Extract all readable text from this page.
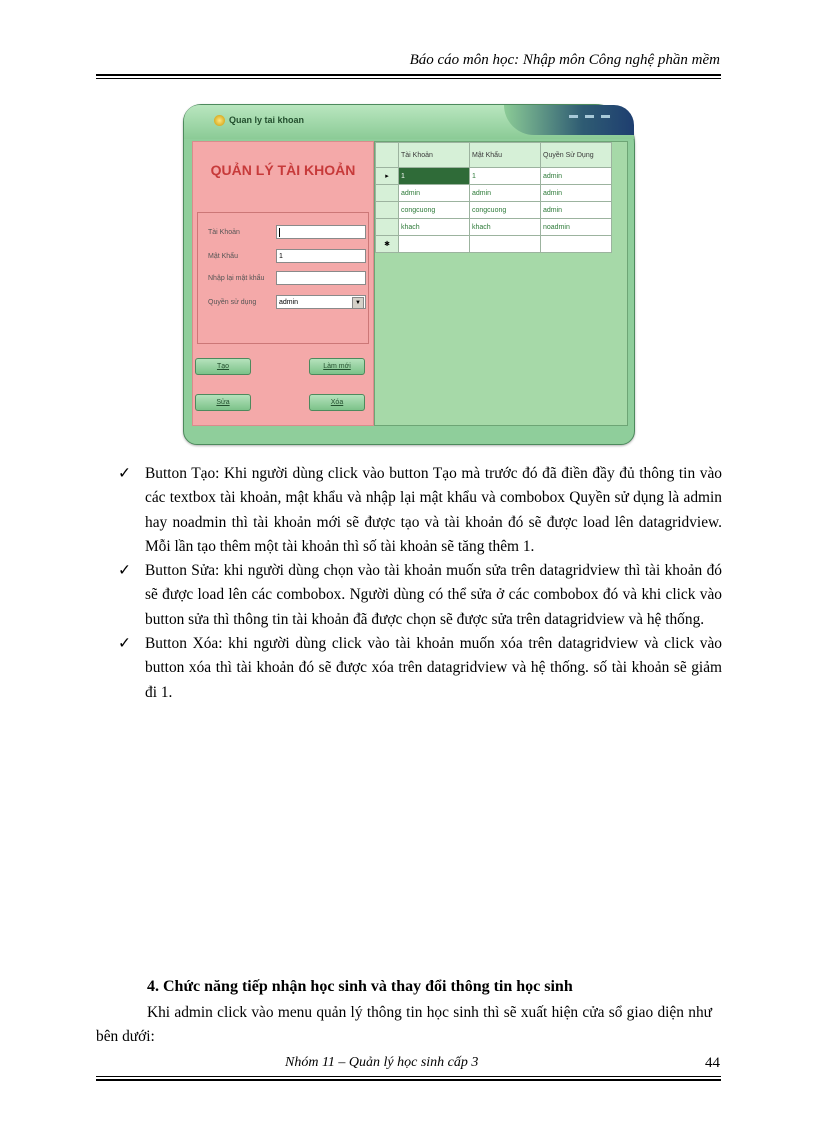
Báo cáo môn học: Nhập môn Công nghệ phần mềm
Quan ly tai khoan
QUẢN LÝ TÀI KHOẢN
Tài Khoản
Mật Khẩu	1
Nhập lại mật khẩu
Quyền sử dụng	admin	▼
Tạo	Làm mới
Sửa	Xóa
	Tài Khoản	Mật Khẩu	Quyền Sử Dụng
▸	1	1	admin
	admin	admin	admin
	congcuong	congcuong	admin
	khach	khach	noadmin
✱			
✓ Button Tạo: Khi người dùng click vào button Tạo mà trước đó đã điền đầy đủ thông tin vào các textbox tài khoản, mật khẩu và nhập lại mật khẩu và combobox Quyền sử dụng là admin hay noadmin thì tài khoản mới sẽ được tạo và tài khoản đó sẽ được load lên datagridview. Mỗi lần tạo thêm một tài khoản thì số tài khoản sẽ tăng thêm 1.

✓ Button Sửa: khi người dùng chọn vào tài khoản muốn sửa trên datagridview thì tài khoản đó sẽ được load lên các combobox. Người dùng có thể sửa ở các combobox đó và khi click vào button sửa thì thông tin tài khoản đã được chọn sẽ được sửa trên datagridview và hệ thống.

✓ Button Xóa: khi người dùng click vào tài khoản muốn xóa trên datagridview và click vào button xóa thì tài khoản đó sẽ được xóa trên datagridview và hệ thống. số tài khoản sẽ giảm đi 1.

4. Chức năng tiếp nhận học sinh và thay đổi thông tin học sinh
Khi admin click vào menu quản lý thông tin học sinh thì sẽ xuất hiện cửa sổ giao diện như bên dưới:
Nhóm 11 – Quản lý học sinh cấp 3	44
